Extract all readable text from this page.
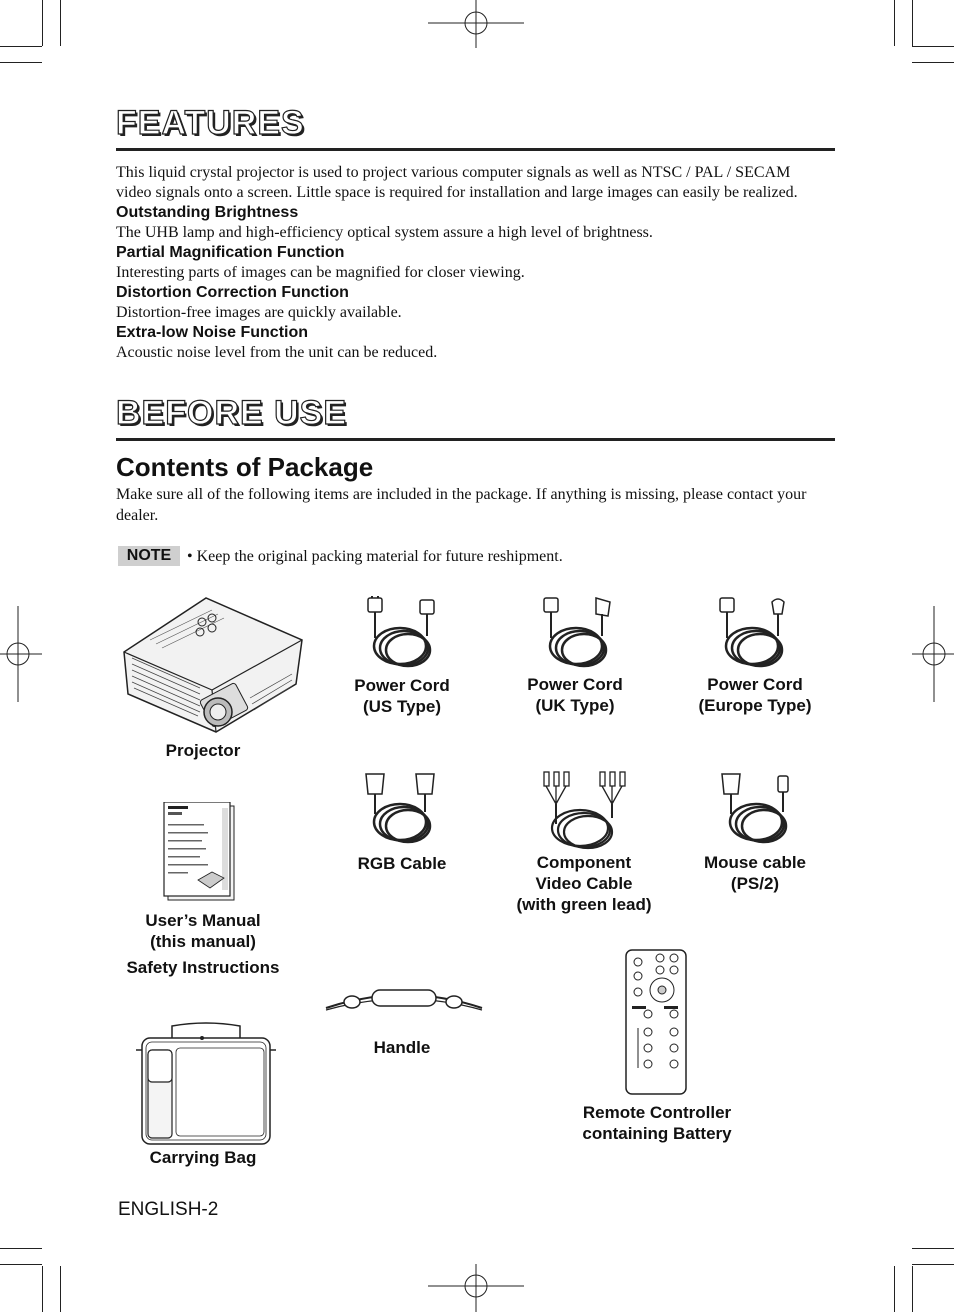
FEATURES
This liquid crystal projector is used to project various computer signals as well as NTSC / PAL / SECAM video signals onto a screen. Little space is required for installation and large images can easily be realized.
Outstanding Brightness
The UHB lamp and high-efficiency optical system assure a high level of brightness.
Partial Magnification Function
Interesting parts of images can be magnified for closer viewing.
Distortion Correction Function
Distortion-free images are quickly available.
Extra-low Noise Function
Acoustic noise level from the unit can be reduced.
BEFORE USE
Contents of Package
Make sure all of the following items are included in the package. If anything is missing, please contact your dealer.
NOTE • Keep the original packing material for future reshipment.
Projector
Power Cord
(US Type)
Power Cord
(UK Type)
Power Cord
(Europe Type)
RGB Cable	Component
Video Cable
(with green lead)
Mouse cable
(PS/2)
User’s Manual
(this manual)
Safety Instructions
Handle
Remote Controller
containing Battery
Carrying Bag
ENGLISH-2
